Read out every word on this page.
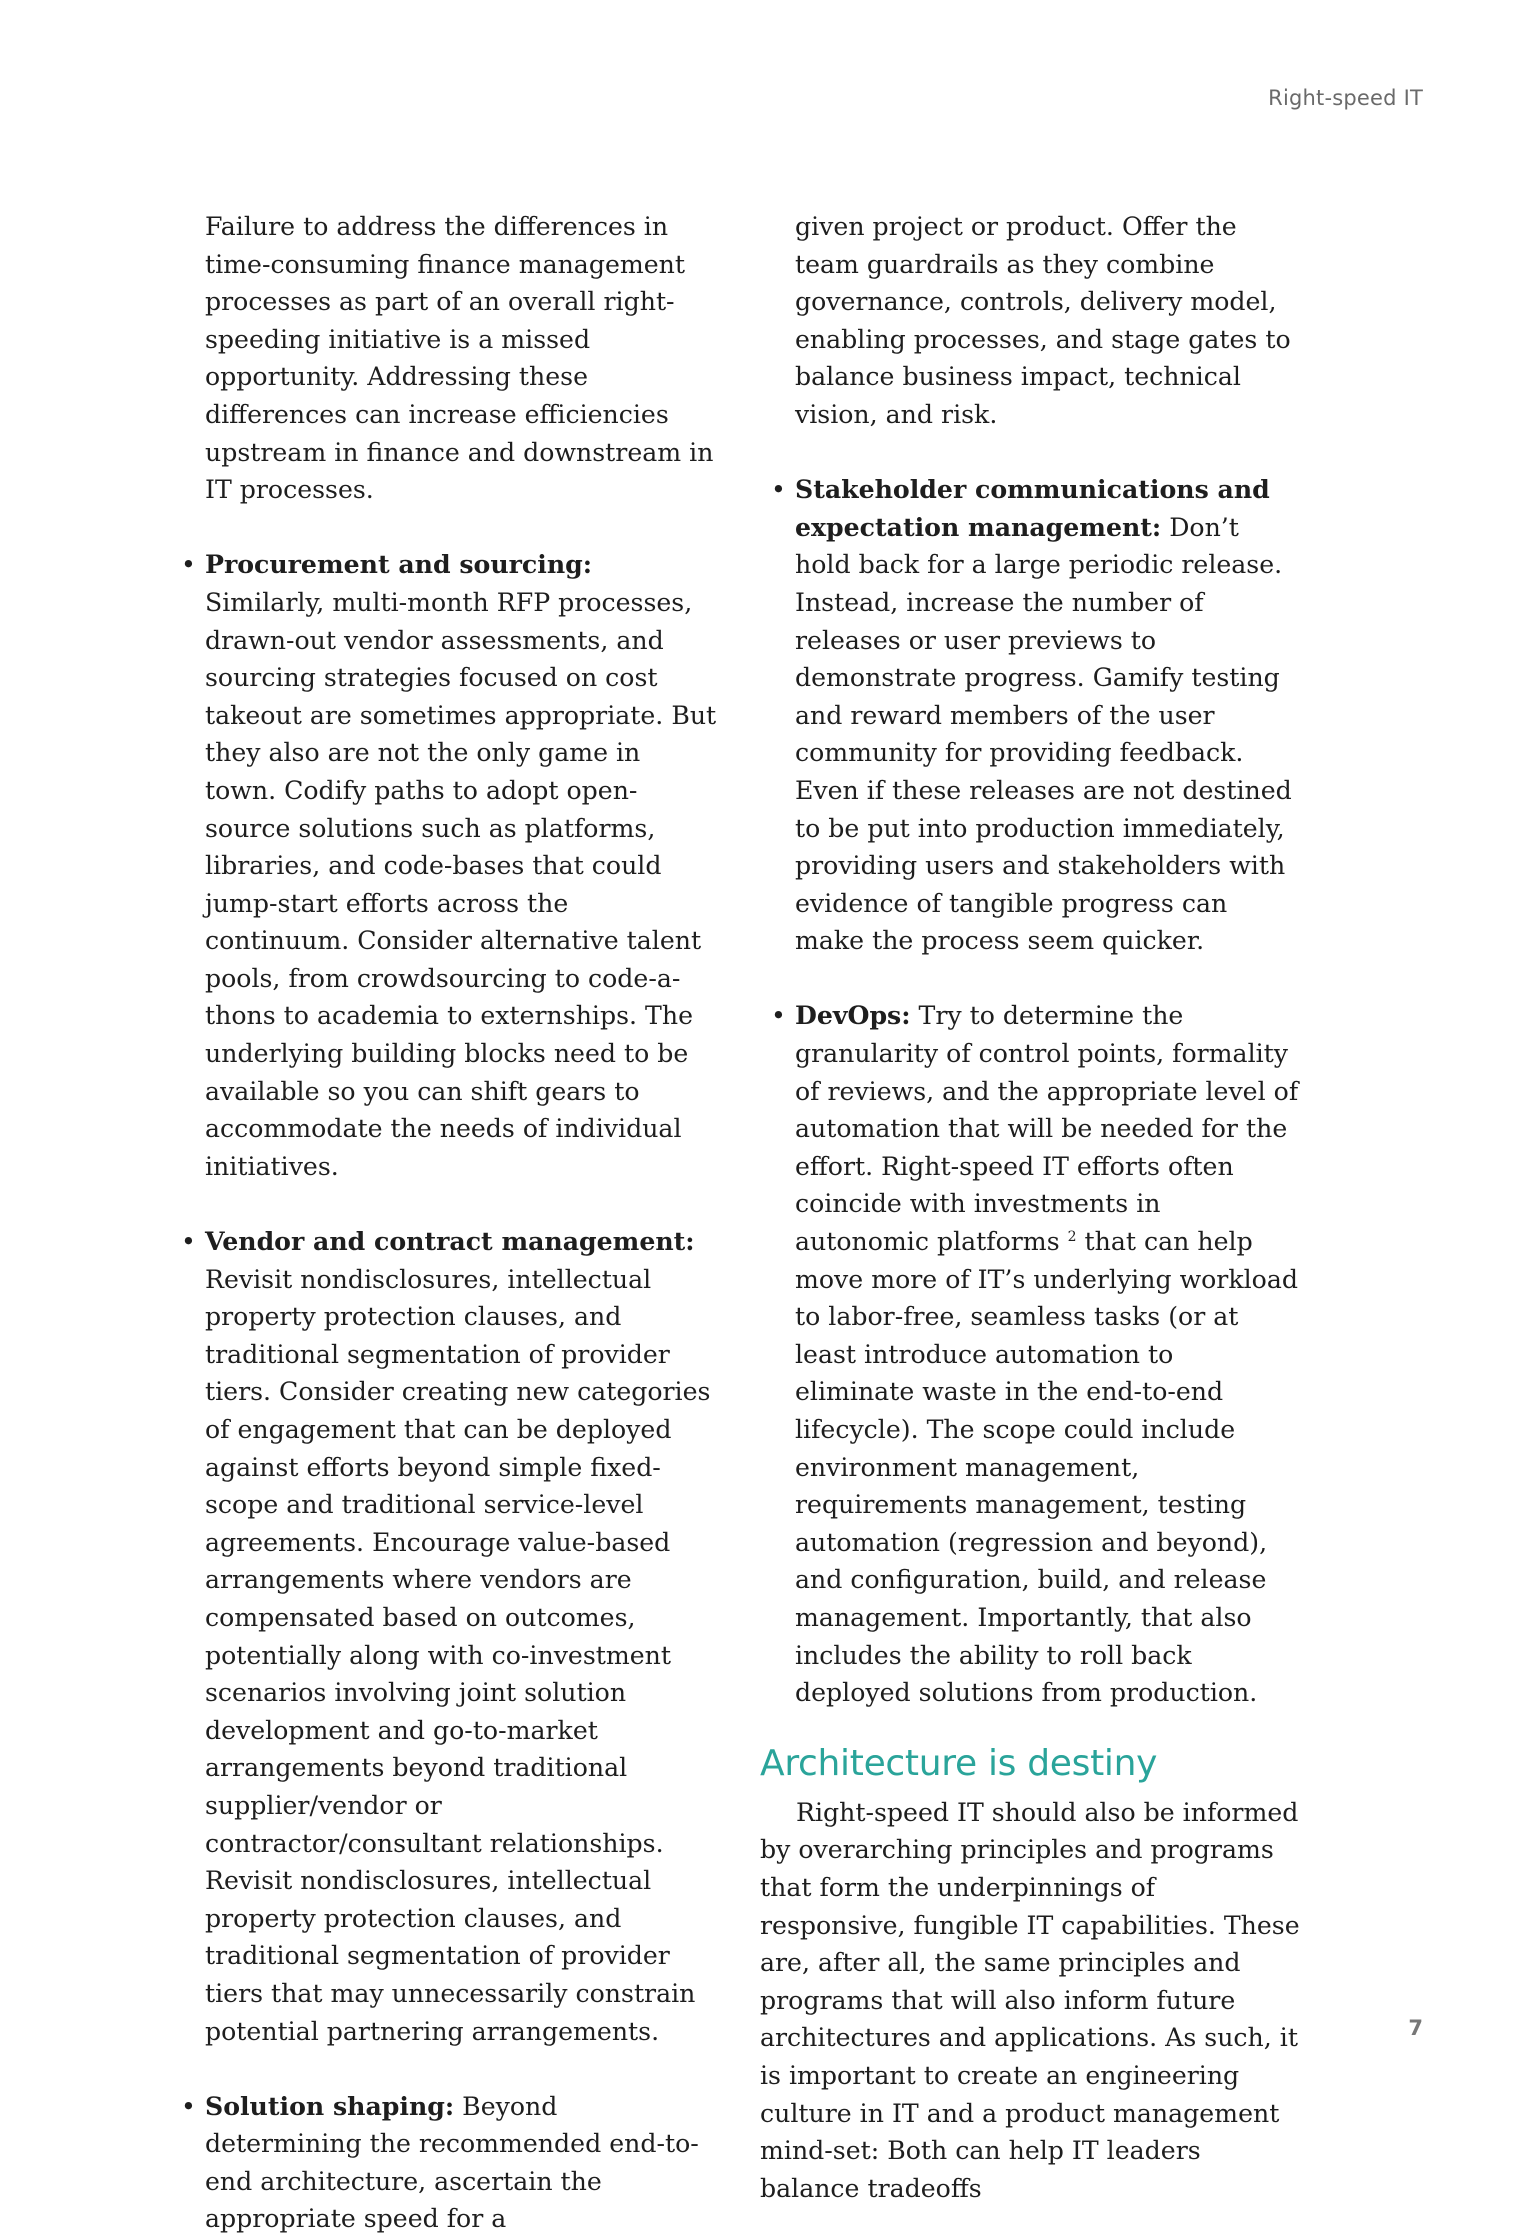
Right-speed IT

Failure to address the differences in time-consuming finance management processes as part of an overall right-speeding initiative is a missed opportunity. Addressing these differences can increase efficiencies upstream in finance and downstream in IT processes.

• Procurement and sourcing: Similarly, multi-month RFP processes, drawn-out vendor assessments, and sourcing strategies focused on cost takeout are sometimes appropriate. But they also are not the only game in town. Codify paths to adopt open-source solutions such as platforms, libraries, and code-bases that could jump-start efforts across the continuum. Consider alternative talent pools, from crowdsourcing to code-a-thons to academia to externships. The underlying building blocks need to be available so you can shift gears to accommodate the needs of individual initiatives.

• Vendor and contract management: Revisit nondisclosures, intellectual property protection clauses, and traditional segmentation of provider tiers. Consider creating new categories of engagement that can be deployed against efforts beyond simple fixed-scope and traditional service-level agreements. Encourage value-based arrangements where vendors are compensated based on outcomes, potentially along with co-investment scenarios involving joint solution development and go-to-market arrangements beyond traditional supplier/vendor or contractor/consultant relationships. Revisit nondisclosures, intellectual property protection clauses, and traditional segmentation of provider tiers that may unnecessarily constrain potential partnering arrangements.

• Solution shaping: Beyond determining the recommended end-to-end architecture, ascertain the appropriate speed for a

given project or product. Offer the team guardrails as they combine governance, controls, delivery model, enabling processes, and stage gates to balance business impact, technical vision, and risk.

• Stakeholder communications and expectation management: Don’t hold back for a large periodic release. Instead, increase the number of releases or user previews to demonstrate progress. Gamify testing and reward members of the user community for providing feedback. Even if these releases are not destined to be put into production immediately, providing users and stakeholders with evidence of tangible progress can make the process seem quicker.

• DevOps: Try to determine the granularity of control points, formality of reviews, and the appropriate level of automation that will be needed for the effort. Right-speed IT efforts often coincide with investments in autonomic platforms $^2$ that can help move more of IT’s underlying workload to labor-free, seamless tasks (or at least introduce automation to eliminate waste in the end-to-end lifecycle). The scope could include environment management, requirements management, testing automation (regression and beyond), and configuration, build, and release management. Importantly, that also includes the ability to roll back deployed solutions from production.

Architecture is destiny

Right-speed IT should also be informed by overarching principles and programs that form the underpinnings of responsive, fungible IT capabilities. These are, after all, the same principles and programs that will also inform future architectures and applications. As such, it is important to create an engineering culture in IT and a product management mind-set: Both can help IT leaders balance tradeoffs

7
